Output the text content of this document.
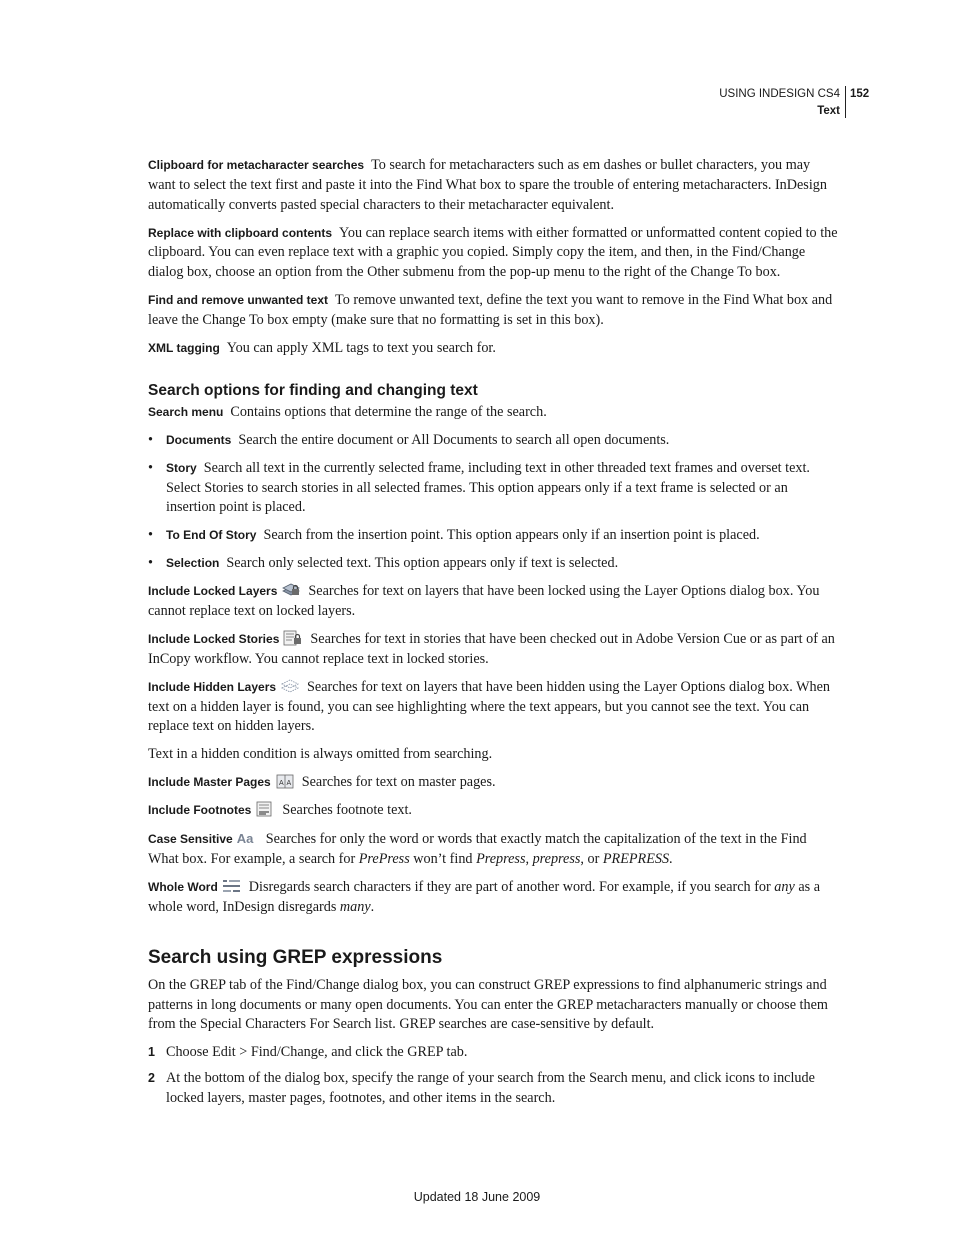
USING INDESIGN CS4
Text
152

Clipboard for metacharacter searches To search for metacharacters such as em dashes or bullet characters, you may want to select the text first and paste it into the Find What box to spare the trouble of entering metacharacters. InDesign automatically converts pasted special characters to their metacharacter equivalent.

Replace with clipboard contents You can replace search items with either formatted or unformatted content copied to the clipboard. You can even replace text with a graphic you copied. Simply copy the item, and then, in the Find/Change dialog box, choose an option from the Other submenu from the pop-up menu to the right of the Change To box.

Find and remove unwanted text To remove unwanted text, define the text you want to remove in the Find What box and leave the Change To box empty (make sure that no formatting is set in this box).

XML tagging You can apply XML tags to text you search for.

Search options for finding and changing text

Search menu Contains options that determine the range of the search.

• Documents Search the entire document or All Documents to search all open documents.

• Story Search all text in the currently selected frame, including text in other threaded text frames and overset text. Select Stories to search stories in all selected frames. This option appears only if a text frame is selected or an insertion point is placed.

• To End Of Story Search from the insertion point. This option appears only if an insertion point is placed.

• Selection Search only selected text. This option appears only if text is selected.

Include Locked Layers Searches for text on layers that have been locked using the Layer Options dialog box. You cannot replace text on locked layers.

Include Locked Stories Searches for text in stories that have been checked out in Adobe Version Cue or as part of an InCopy workflow. You cannot replace text in locked stories.

Include Hidden Layers Searches for text on layers that have been hidden using the Layer Options dialog box. When text on a hidden layer is found, you can see highlighting where the text appears, but you cannot see the text. You can replace text on hidden layers.

Text in a hidden condition is always omitted from searching.

Include Master Pages A A Searches for text on master pages.

Include Footnotes Searches footnote text.

Case Sensitive Aa Searches for only the word or words that exactly match the capitalization of the text in the Find What box. For example, a search for PrePress won’t find Prepress, prepress, or PREPRESS.

Whole Word Disregards search characters if they are part of another word. For example, if you search for any as a whole word, InDesign disregards many.

Search using GREP expressions

On the GREP tab of the Find/Change dialog box, you can construct GREP expressions to find alphanumeric strings and patterns in long documents or many open documents. You can enter the GREP metacharacters manually or choose them from the Special Characters For Search list. GREP searches are case-sensitive by default.

1 Choose Edit > Find/Change, and click the GREP tab.
2 At the bottom of the dialog box, specify the range of your search from the Search menu, and click icons to include locked layers, master pages, footnotes, and other items in the search.
Updated 18 June 2009
